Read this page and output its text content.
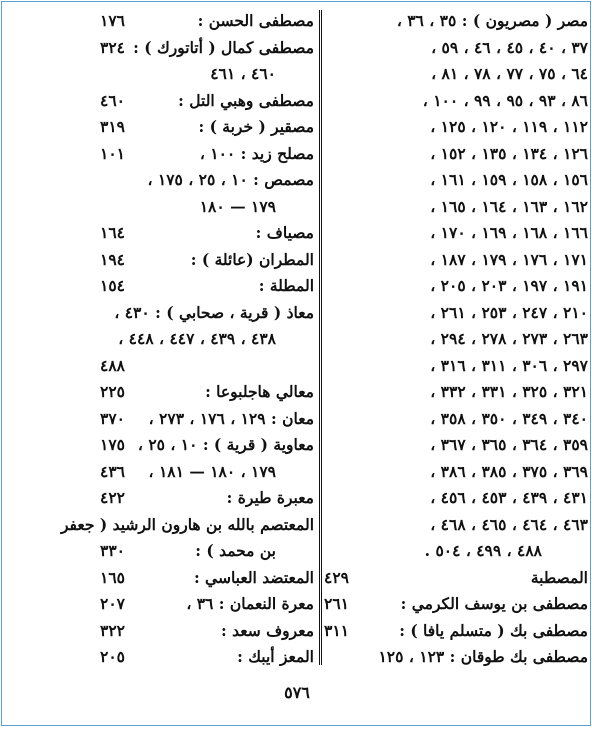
مصر ( مصريون ) : ٣٥ ، ٣٦ ،
٣٧ ، ٤٠ ، ٤٥ ، ٤٦ ، ٥٩ ،
٦٤ ، ٧٥ ، ٧٧ ، ٧٨ ، ٨١ ،
٨٦ ، ٩٣ ، ٩٥ ، ٩٩ ، ١٠٠ ،
١١٢ ، ١١٩ ، ١٢٠ ، ١٢٥ ،
١٢٦ ، ١٣٤ ، ١٣٥ ، ١٥٢ ،
١٥٦ ، ١٥٨ ، ١٥٩ ، ١٦١ ،
١٦٢ ، ١٦٣ ، ١٦٤ ، ١٦٥ ،
١٦٦ ، ١٦٨ ، ١٦٩ ، ١٧٠ ،
١٧١ ، ١٧٦ ، ١٧٩ ، ١٨٧ ،
١٩١ ، ١٩٧ ، ٢٠٣ ، ٢٠٥ ،
٢١٠ ، ٢٤٧ ، ٢٥٣ ، ٢٦١ ،
٢٦٣ ، ٢٧٣ ، ٢٧٨ ، ٢٩٤ ،
٢٩٧ ، ٣٠٦ ، ٣١١ ، ٣١٦ ،
٣٢١ ، ٣٢٥ ، ٣٣١ ، ٣٣٢ ،
٣٤٠ ، ٣٤٩ ، ٣٥٠ ، ٣٥٨ ،
٣٥٩ ، ٣٦٤ ، ٣٦٥ ، ٣٦٧ ،
٣٦٩ ، ٣٧٥ ، ٣٨٥ ، ٣٨٦ ،
٤٣١ ، ٤٣٩ ، ٤٥٣ ، ٤٥٦ ،
٤٦٣ ، ٤٦٤ ، ٤٦٥ ، ٤٦٨ ،
٤٨٨ ، ٤٩٩ ، ٥٠٤ .
المصطبة
٤٢٩
مصطفى بن يوسف الكرمي :
٢٦١
مصطفى بك ( متسلم يافا ) :
٣١١
مصطفى بك طوقان : ١٢٣ ، ١٢٥
مصطفى الحسن :
١٧٦
مصطفى كمال ( أتاتورك ) :
٣٢٤
٤٦٠ ، ٤٦١
مصطفى وهبي التل :
٤٦٠
مصقير ( خربة ) :
٣١٩
مصلح زيد : ١٠٠ ،
١٠١
مصمص : ١٠ ، ٢٥ ، ١٧٥ ،
١٧٩ — ١٨٠
مصياف :
١٦٤
المطران (عائلة ) :
١٩٤
المطلة :
١٥٤
معاذ ( قرية ، صحابي ) : ٤٣٠ ،
٤٣٨ ، ٤٣٩ ، ٤٤٧ ، ٤٤٨ ،
٤٨٨
معالي هاجلبوعا :
٢٢٥
معان : ١٢٩ ، ١٧٦ ، ٢٧٣ ،
٣٧٠
معاوية ( قرية ) : ١٠ ، ٢٥ ،
١٧٥
١٧٩ ، ١٨٠ — ١٨١ ،
٤٣٦
معبرة طيرة :
٤٢٢
المعتصم بالله بن هارون الرشيد ( جعفر
بن محمد ) :
٣٣٠
المعتضد العباسي :
١٦٥
معرة النعمان : ٣٦ ،
٢٠٧
معروف سعد :
٣٢٢
المعز أيبك :
٢٠٥
٥٧٦
